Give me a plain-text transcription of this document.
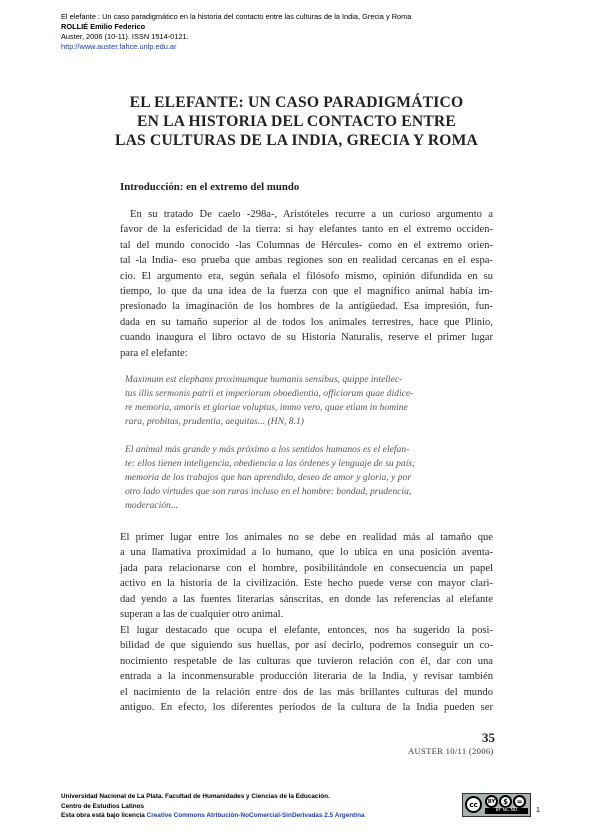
El elefante : Un caso paradigmático en la historia del contacto entre las culturas de la India, Grecia y Roma
ROLLIÉ Emilio Federico
Auster, 2006 (10-11). ISSN 1514-0121.
http://www.auster.fahce.unlp.edu.ar
EL ELEFANTE: UN CASO PARADIGMÁTICO
EN LA HISTORIA DEL CONTACTO ENTRE
LAS CULTURAS DE LA INDIA, GRECIA Y ROMA
Introducción: en el extremo del mundo
En su tratado De caelo -298a-, Aristóteles recurre a un curioso argumento a
favor de la esfericidad de la tierra: si hay elefantes tanto en el extremo occiden-
tal del mundo conocido -las Columnas de Hércules- como en el extremo orien-
tal -la India- eso prueba que ambas regiones son en realidad cercanas en el espa-
cio. El argumento era, según señala el filósofo mismo, opinión difundida en su
tiempo, lo que da una idea de la fuerza con que el magnífico animal había im-
presionado la imaginación de los hombres de la antigüedad. Esa impresión, fun-
dada en su tamaño superior al de todos los animales terrestres, hace que Plinio,
cuando inaugura el libro octavo de su Historia Naturalis, reserve el primer lugar
para el elefante:
Maximum est elephans proximumque humanis sensibus, quippe intellec-
tus illis sermonis patrii et imperiorum oboedientia, officiorum quae didice-
re memoria, amoris et gloriae voluptas, immo vero, quae etiam in homine
rara, probitas, prudentia, aequitas... (HN, 8.1)
El animal más grande y más próximo a los sentidos humanos es el elefan-
te: ellos tienen inteligencia, obediencia a las órdenes y lenguaje de su país,
memoria de los trabajos que han aprendido, deseo de amor y gloria, y por
otro lado virtudes que son raras incluso en el hombre: bondad, prudencia,
moderación...
El primer lugar entre los animales no se debe en realidad más al tamaño que
a una llamativa proximidad a lo humano, que lo ubica en una posición aventa-
jada para relacionarse con el hombre, posibilitándole en consecuencia un papel
activo en la historia de la civilización. Este hecho puede verse con mayor clari-
dad yendo a las fuentes literarias sánscritas, en donde las referencias al elefante
superan a las de cualquier otro animal.
El lugar destacado que ocupa el elefante, entonces, nos ha sugerido la posi-
bilidad de que siguiendo sus huellas, por así decirlo, podremos conseguir un co-
nocimiento respetable de las culturas que tuvieron relación con él, dar con una
entrada a la inconmensurable producción literaria de la India, y revisar también
el nacimiento de la relación entre dos de las más brillantes culturas del mundo
antiguo. En efecto, los diferentes períodos de la cultura de la India pueden ser
35
AUSTER 10/11 (2006)
Universidad Nacional de La Plata. Facultad de Humanidades y Ciencias de la Educación.
Centro de Estudios Latinos
Esta obra está bajo licencia Creative Commons Atribución-NoComercial-SinDerivadas 2.5 Argentina
cc	BY	$	=
BY NC ND	1
